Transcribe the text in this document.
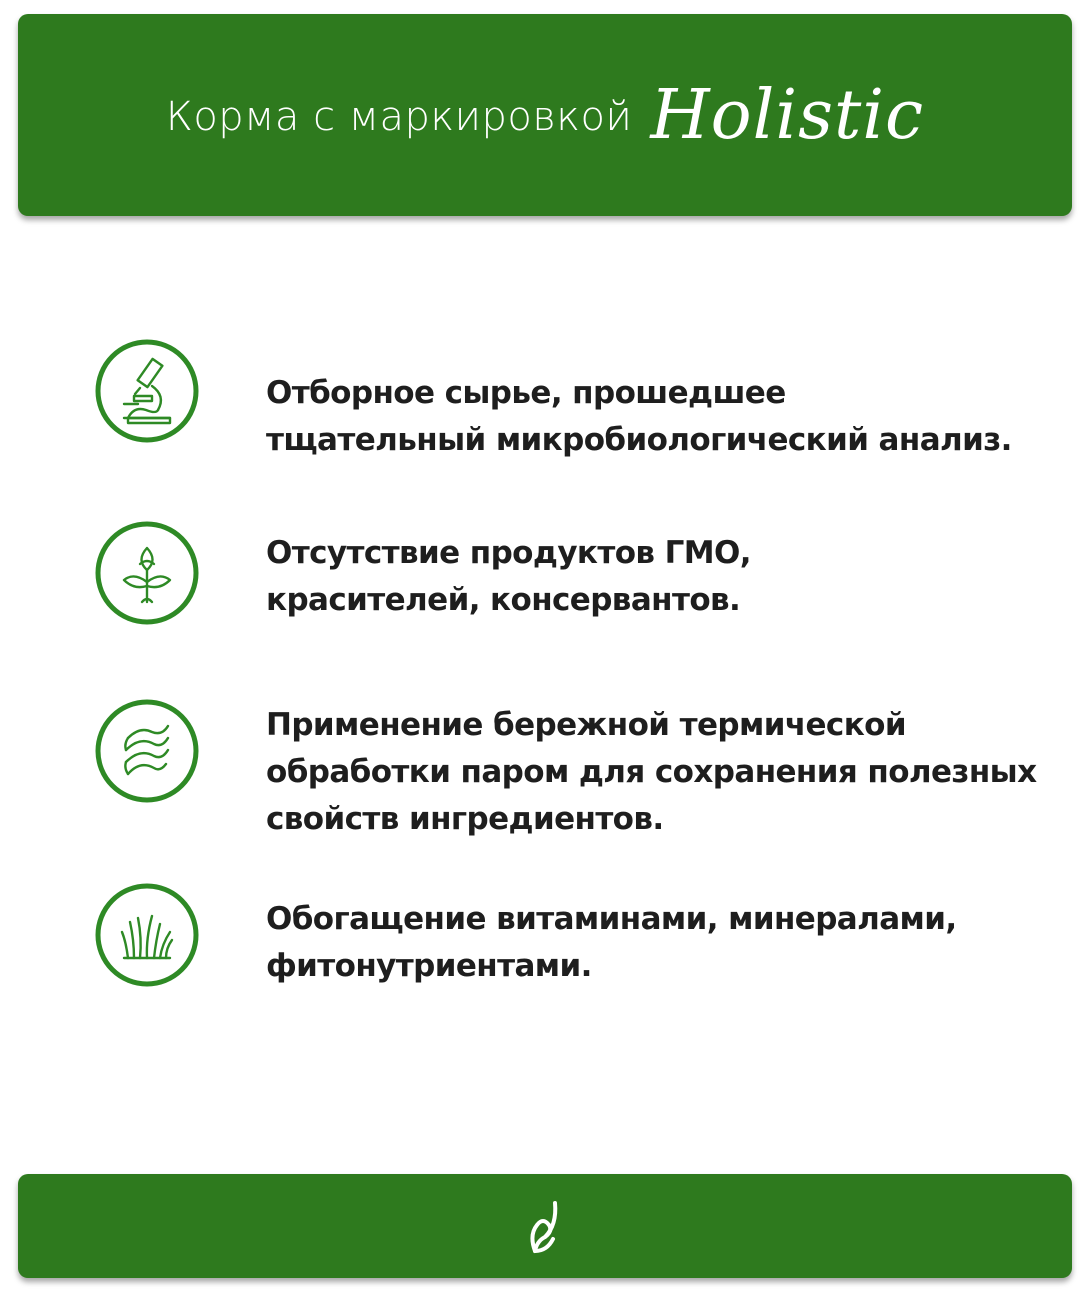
Корма с маркировкой Holistic
Отборное сырье, прошедшее
тщательный микробиологический анализ.
Отсутствие продуктов ГМО,
красителей, консервантов.
Применение бережной термической
обработки паром для сохранения полезных
свойств ингредиентов.
Обогащение витаминами, минералами,
фитонутриентами.
